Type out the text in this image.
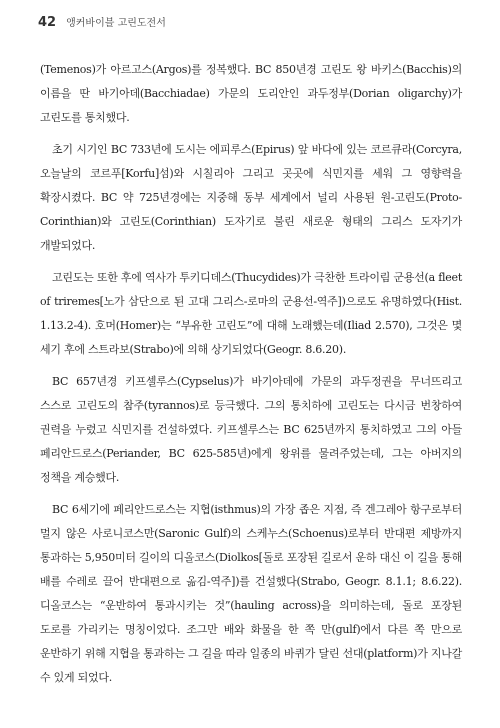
42 앵커바이블 고린도전서

(Temenos)가 아르고스(Argos)를 정복했다. BC 850년경 고린도 왕 바키스(Bacchis)의 이름을 딴 바기아데(Bacchiadae) 가문의 도리안인 과두정부(Dorian oligarchy)가 고린도를 통치했다.

초기 시기인 BC 733년에 도시는 에피루스(Epirus) 앞 바다에 있는 코르큐라(Corcyra, 오늘날의 코르푸[Korfu]섬)와 시칠리아 그리고 곳곳에 식민지를 세워 그 영향력을 확장시켰다. BC 약 725년경에는 지중해 동부 세계에서 널리 사용된 원-고린도(Proto-Corinthian)와 고린도(Corinthian) 도자기로 불린 새로운 형태의 그리스 도자기가 개발되었다.

고린도는 또한 후에 역사가 투키디데스(Thucydides)가 극찬한 트라이림 군용선(a fleet of triremes[노가 삼단으로 된 고대 그리스-로마의 군용선-역주])으로도 유명하였다(Hist. 1.13.2-4). 호머(Homer)는 “부유한 고린도”에 대해 노래했는데(Iliad 2.570), 그것은 몇 세기 후에 스트라보(Strabo)에 의해 상기되었다(Geogr. 8.6.20).

BC 657년경 키프셀루스(Cypselus)가 바기아데에 가문의 과두정권을 무너뜨리고 스스로 고린도의 참주(tyrannos)로 등극했다. 그의 통치하에 고린도는 다시금 번창하여 권력을 누렸고 식민지를 건설하였다. 키프셀루스는 BC 625년까지 통치하였고 그의 아들 페리안드로스(Periander, BC 625-585년)에게 왕위를 물려주었는데, 그는 아버지의 정책을 계승했다.

BC 6세기에 페리안드로스는 지협(isthmus)의 가장 좁은 지점, 즉 겐그레아 항구로부터 멀지 않은 사로니코스만(Saronic Gulf)의 스케누스(Schoenus)로부터 반대편 제방까지 통과하는 5,950미터 길이의 디올코스(Diolkos[돌로 포장된 길로서 운하 대신 이 길을 통해 배를 수레로 끌어 반대편으로 옮김-역주])를 건설했다(Strabo, Geogr. 8.1.1; 8.6.22). 디올코스는 “운반하여 통과시키는 것”(hauling across)을 의미하는데, 돌로 포장된 도로를 가리키는 명칭이었다. 조그만 배와 화물을 한 쪽 만(gulf)에서 다른 쪽 만으로 운반하기 위해 지협을 통과하는 그 길을 따라 일종의 바퀴가 달린 선대(platform)가 지나갈 수 있게 되었다.
